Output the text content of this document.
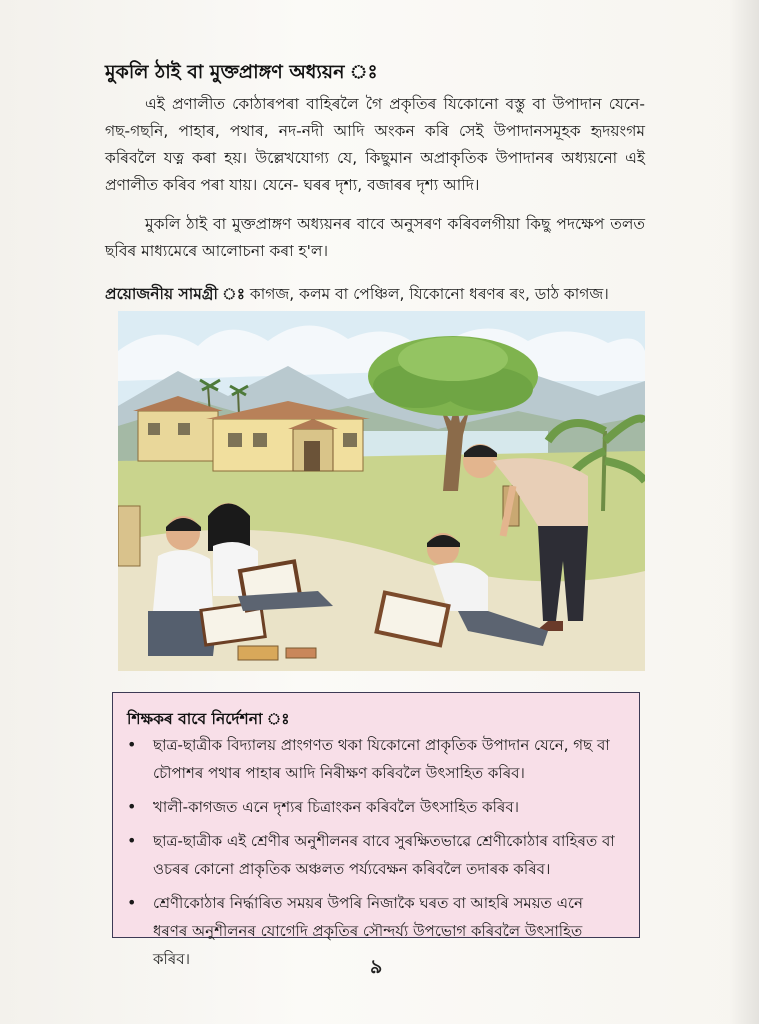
মুকলি ঠাই বা মুক্তপ্ৰাঙ্গণ অধ্যয়ন ঃ
এই প্ৰণালীত কোঠাৰপৰা বাহিৰলৈ গৈ প্ৰকৃতিৰ যিকোনো বস্তু বা উপাদান যেনে-গছ-গছনি, পাহাৰ, পথাৰ, নদ-নদী আদি অংকন কৰি সেই উপাদানসমূহক হৃদয়ংগম কৰিবলৈ যত্ন কৰা হয়। উল্লেখযোগ্য যে, কিছুমান অপ্ৰাকৃতিক উপাদানৰ অধ্যয়নো এই প্ৰণালীত কৰিব পৰা যায়। যেনে- ঘৰৰ দৃশ্য, বজাৰৰ দৃশ্য আদি।
মুকলি ঠাই বা মুক্তপ্ৰাঙ্গণ অধ্যয়নৰ বাবে অনুসৰণ কৰিবলগীয়া কিছু পদক্ষেপ তলত ছবিৰ মাধ্যমেৰে আলোচনা কৰা হ'ল।
প্ৰয়োজনীয় সামগ্ৰী ঃ কাগজ, কলম বা পেঞ্চিল, যিকোনো ধৰণৰ ৰং, ডাঠ কাগজ।
শিক্ষকৰ বাবে নিৰ্দেশনা ঃ
• ছাত্ৰ-ছাত্ৰীক বিদ্যালয় প্ৰাংগণত থকা যিকোনো প্ৰাকৃতিক উপাদান যেনে, গছ বা চৌপাশৰ পথাৰ পাহাৰ আদি নিৰীক্ষণ কৰিবলৈ উৎসাহিত কৰিব।
• খালী-কাগজত এনে দৃশ্যৰ চিত্ৰাংকন কৰিবলৈ উৎসাহিত কৰিব।
• ছাত্ৰ-ছাত্ৰীক এই শ্ৰেণীৰ অনুশীলনৰ বাবে সুৰক্ষিতভাৱে শ্ৰেণীকোঠাৰ বাহিৰত বা ওচৰৰ কোনো প্ৰাকৃতিক অঞ্চলত পৰ্য্যবেক্ষন কৰিবলৈ তদাৰক কৰিব।
• শ্ৰেণীকোঠাৰ নিৰ্দ্ধাৰিত সময়ৰ উপৰি নিজাকৈ ঘৰত বা আহৰি সময়ত এনে ধৰণৰ অনুশীলনৰ যোগেদি প্ৰকৃতিৰ সৌন্দৰ্য্য উপভোগ কৰিবলৈ উৎসাহিত কৰিব।	৯
